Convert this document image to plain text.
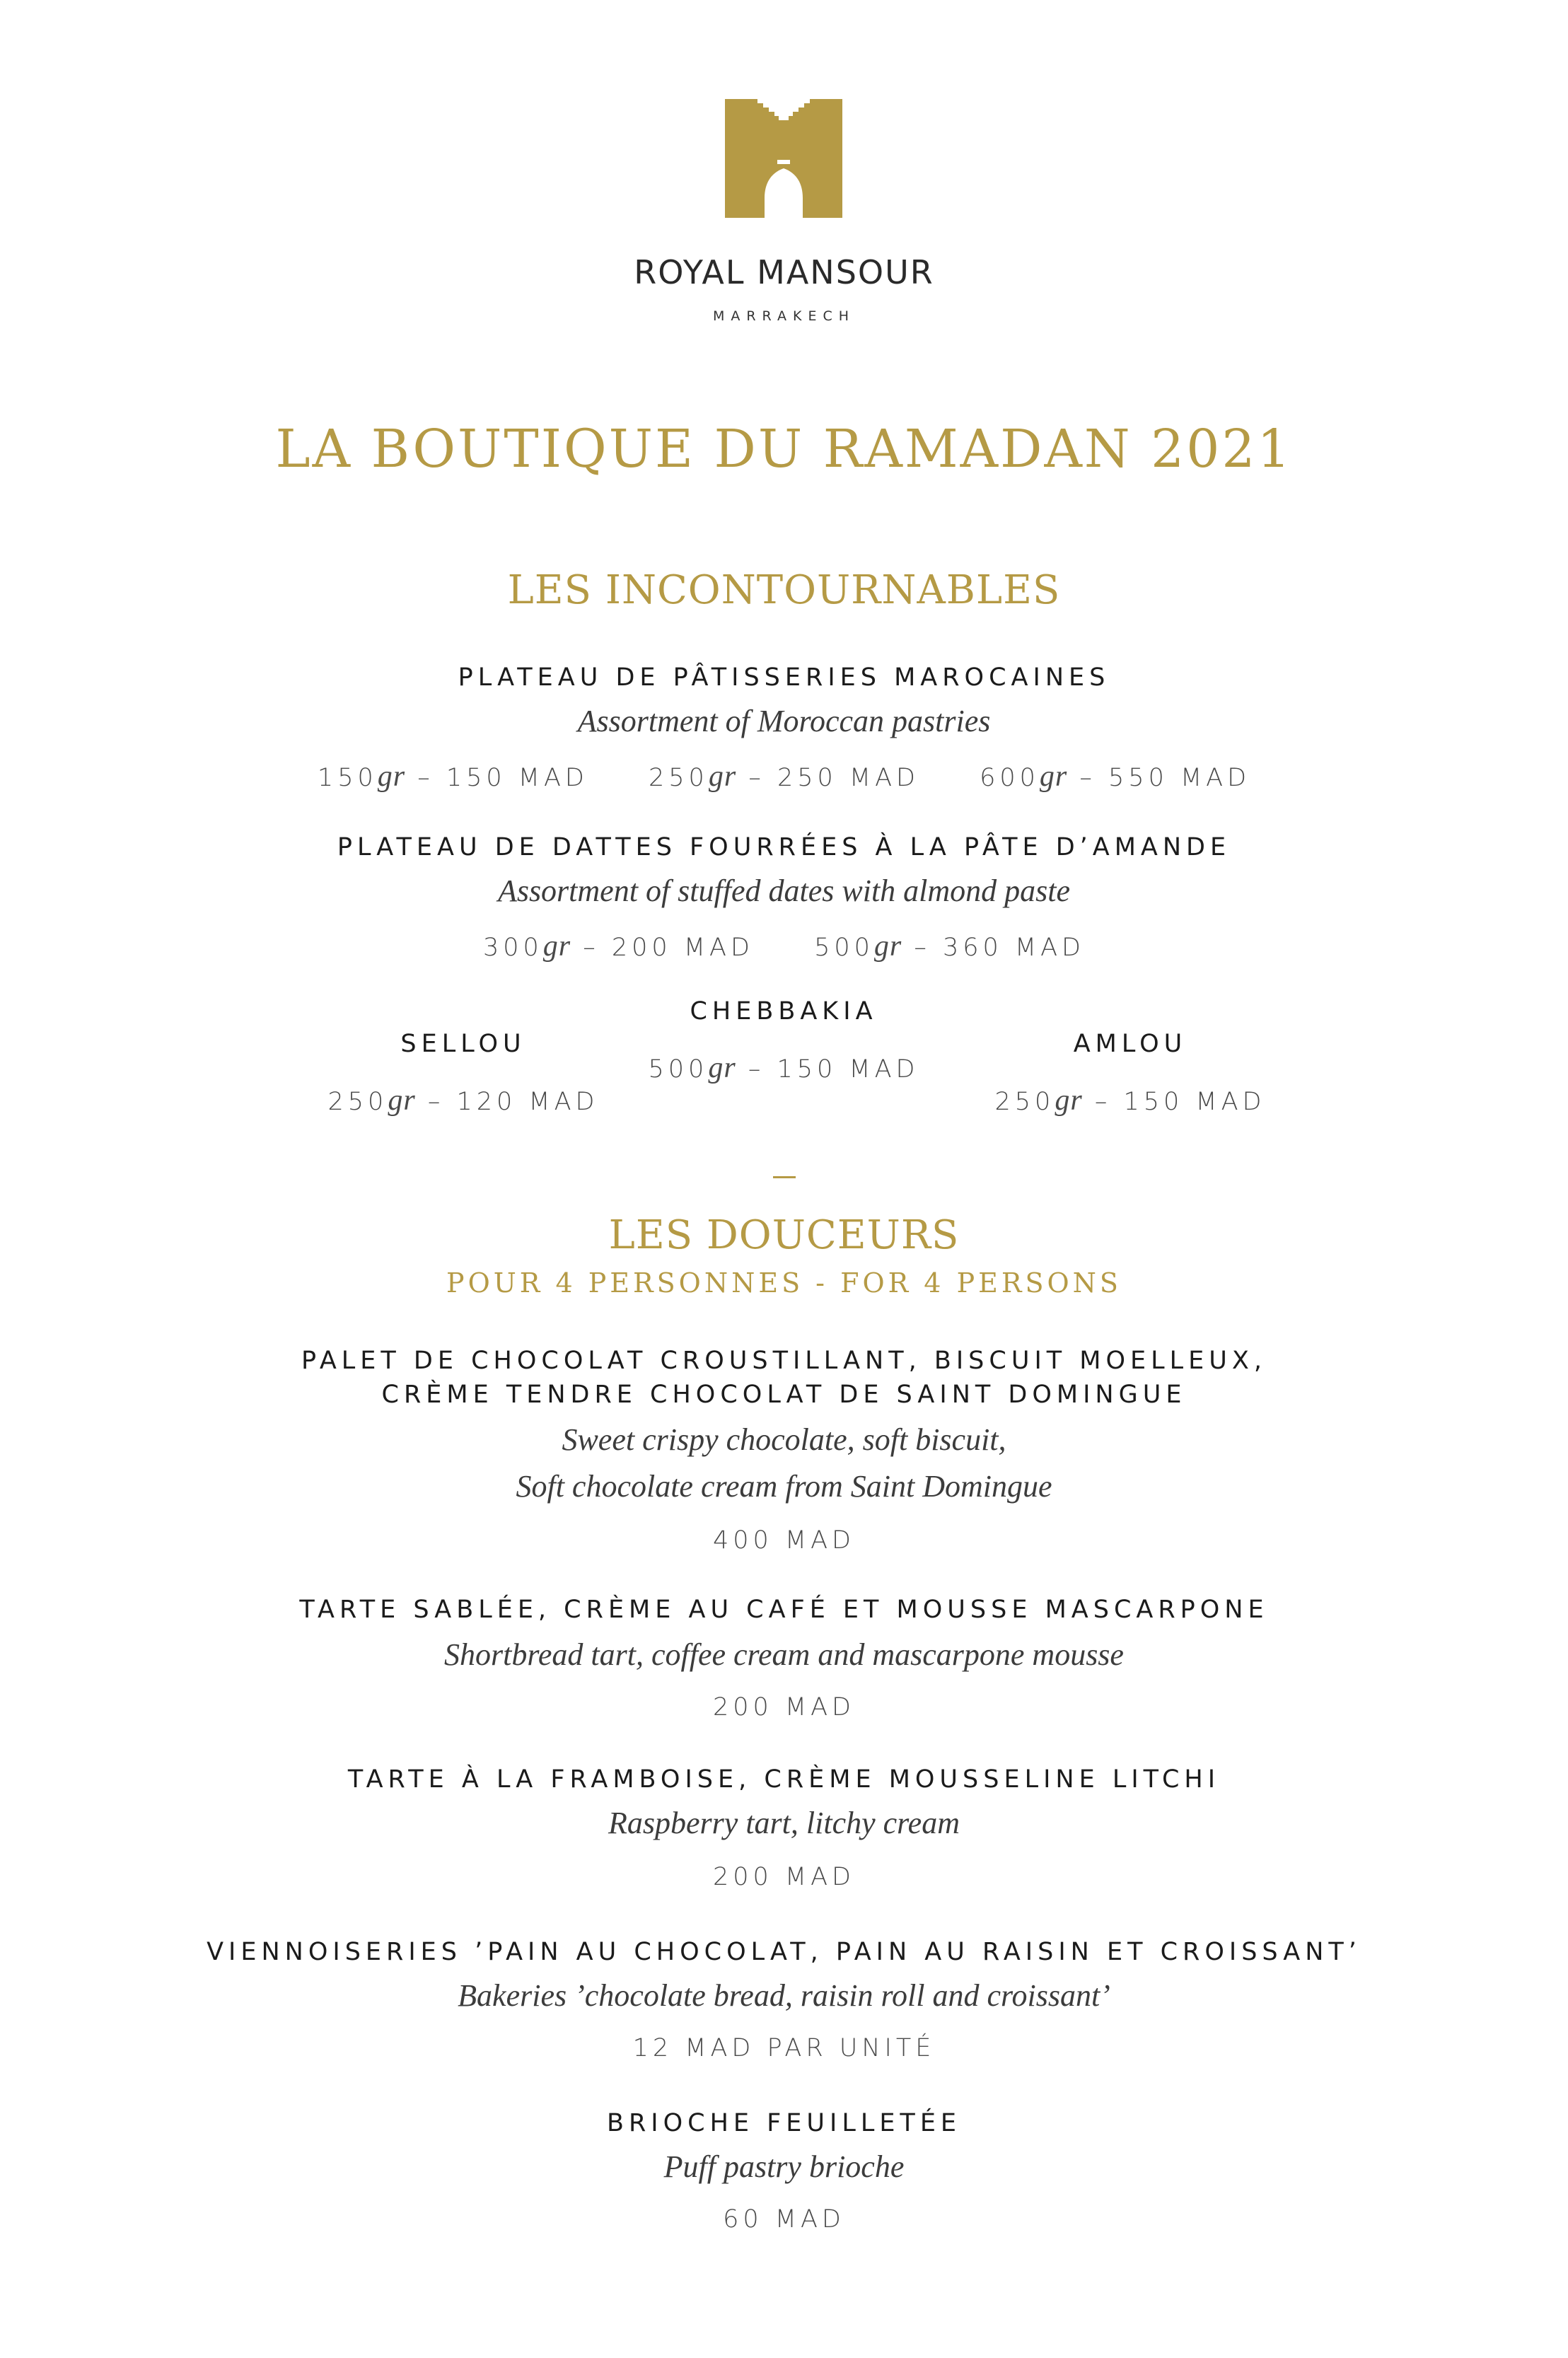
ROYAL MANSOUR
MARRAKECH
LA BOUTIQUE DU RAMADAN 2021
LES INCONTOURNABLES
PLATEAU DE PÂTISSERIES MAROCAINES
Assortment of Moroccan pastries
150gr – 150 MAD 250gr – 250 MAD 600gr – 550 MAD
PLATEAU DE DATTES FOURRÉES À LA PÂTE D’AMANDE
Assortment of stuffed dates with almond paste
300gr – 200 MAD 500gr – 360 MAD
SELLOU
250gr – 120 MAD
CHEBBAKIA
500gr – 150 MAD
AMLOU
250gr – 150 MAD
LES DOUCEURS
POUR 4 PERSONNES - FOR 4 PERSONS
PALET DE CHOCOLAT CROUSTILLANT, BISCUIT MOELLEUX,
CRÈME TENDRE CHOCOLAT DE SAINT DOMINGUE
Sweet crispy chocolate, soft biscuit,
Soft chocolate cream from Saint Domingue
400 MAD
TARTE SABLÉE, CRÈME AU CAFÉ ET MOUSSE MASCARPONE
Shortbread tart, coffee cream and mascarpone mousse
200 MAD
TARTE À LA FRAMBOISE, CRÈME MOUSSELINE LITCHI
Raspberry tart, litchy cream
200 MAD
VIENNOISERIES ’PAIN AU CHOCOLAT, PAIN AU RAISIN ET CROISSANT’
Bakeries ’chocolate bread, raisin roll and croissant’
12 MAD PAR UNITÉ
BRIOCHE FEUILLETÉE
Puff pastry brioche
60 MAD
